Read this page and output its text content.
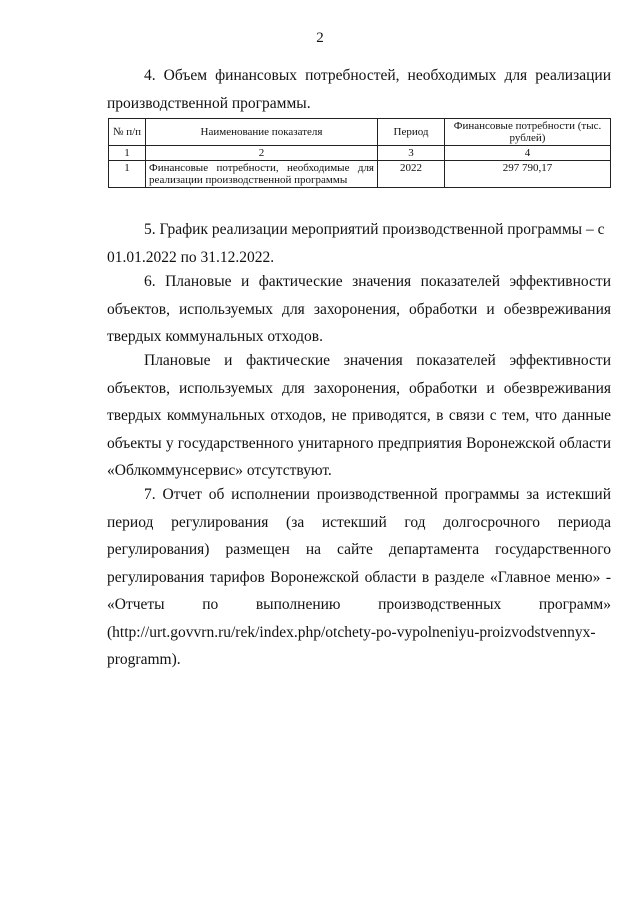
2
4. Объем финансовых потребностей, необходимых для реализации
производственной программы.
№ п/п	Наименование показателя	Период	Финансовые потребности (тыс. рублей)
1	2	3	4
1	Финансовые потребности, необходимые для реализации производственной программы	2022	297 790,17
5. График реализации мероприятий производственной программы – с
01.01.2022 по 31.12.2022.
6. Плановые и фактические значения показателей эффективности
объектов, используемых для захоронения, обработки и обезвреживания
твердых коммунальных отходов.
Плановые и фактические значения показателей эффективности
объектов, используемых для захоронения, обработки и обезвреживания
твердых коммунальных отходов, не приводятся, в связи с тем, что данные
объекты у государственного унитарного предприятия Воронежской области
«Облкоммунсервис» отсутствуют.
7. Отчет об исполнении производственной программы за истекший
период регулирования (за истекший год долгосрочного периода
регулирования) размещен на сайте департамента государственного
регулирования тарифов Воронежской области в разделе «Главное меню» -
«Отчеты по выполнению производственных программ»
(http://urt.govvrn.ru/rek/index.php/otchety-po-vypolneniyu-proizvodstvennyx-
programm).
